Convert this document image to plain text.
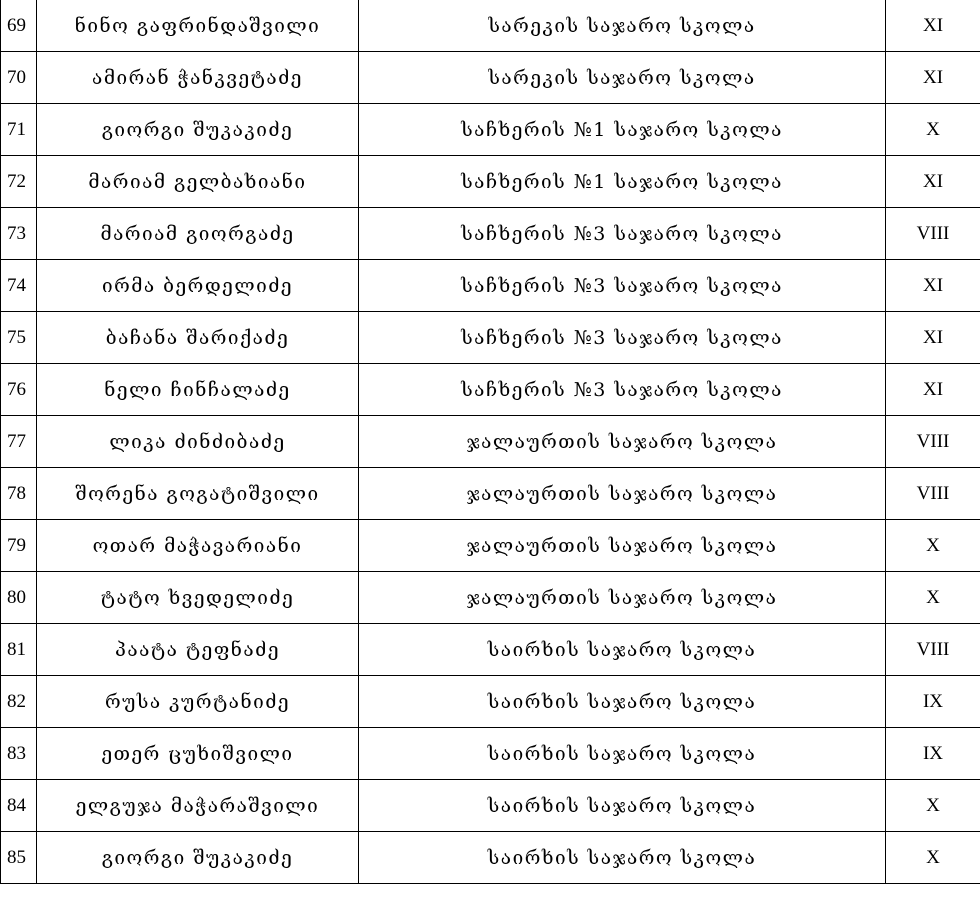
69	ნინო გაფრინდაშვილი	სარეკის საჯარო სკოლა	XI
70	ამირან ჭანკვეტაძე	სარეკის საჯარო სკოლა	XI
71	გიორგი შუკაკიძე	საჩხერის №1 საჯარო სკოლა	X
72	მარიამ გელბახიანი	საჩხერის №1 საჯარო სკოლა	XI
73	მარიამ გიორგაძე	საჩხერის №3 საჯარო სკოლა	VIII
74	ირმა ბერდელიძე	საჩხერის №3 საჯარო სკოლა	XI
75	ბაჩანა შარიქაძე	საჩხერის №3 საჯარო სკოლა	XI
76	ნელი ჩინჩალაძე	საჩხერის №3 საჯარო სკოლა	XI
77	ლიკა ძინძიბაძე	ჯალაურთის საჯარო სკოლა	VIII
78	შორენა გოგატიშვილი	ჯალაურთის საჯარო სკოლა	VIII
79	ოთარ მაჭავარიანი	ჯალაურთის საჯარო სკოლა	X
80	ტატო ხვედელიძე	ჯალაურთის საჯარო სკოლა	X
81	პაატა ტეფნაძე	საირხის საჯარო სკოლა	VIII
82	რუსა კურტანიძე	საირხის საჯარო სკოლა	IX
83	ეთერ ცუხიშვილი	საირხის საჯარო სკოლა	IX
84	ელგუჯა მაჭარაშვილი	საირხის საჯარო სკოლა	X
85	გიორგი შუკაკიძე	საირხის საჯარო სკოლა	X
